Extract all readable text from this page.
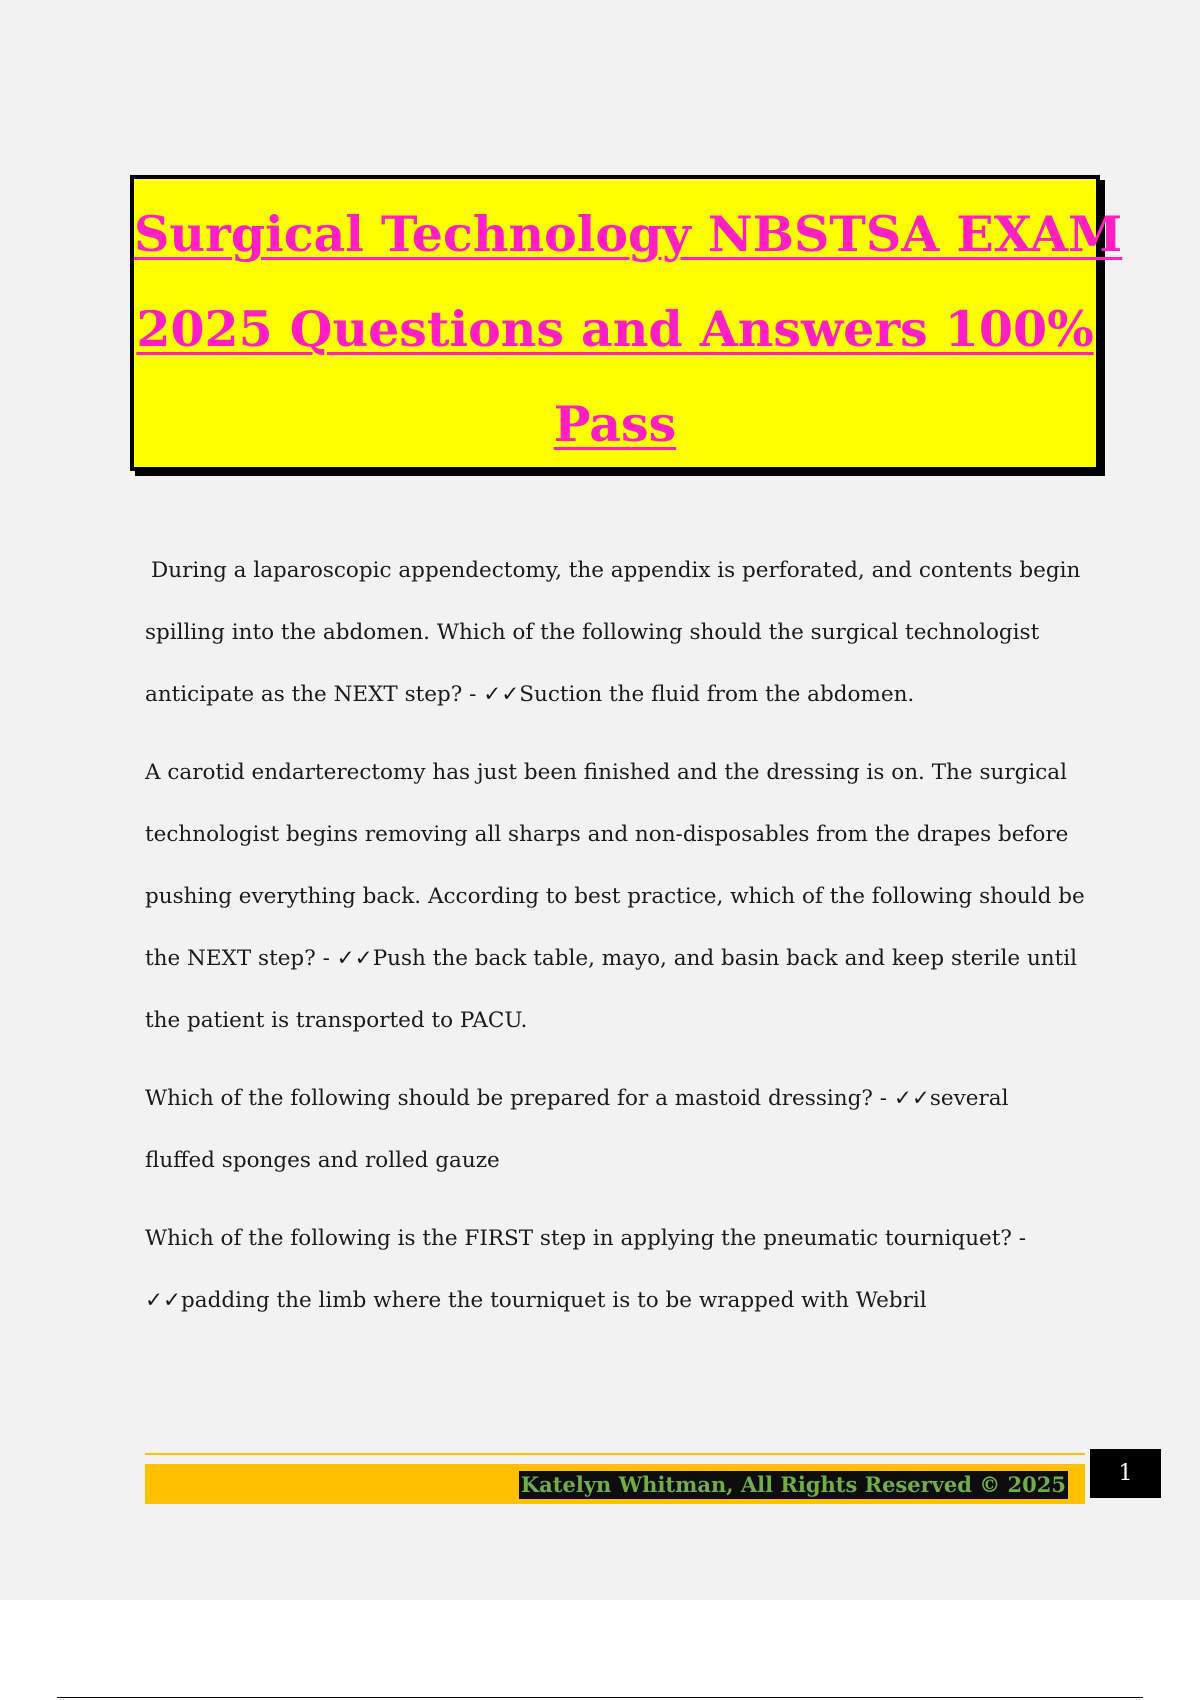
Surgical Technology NBSTSA EXAM
2025 Questions and Answers 100%
Pass

During a laparoscopic appendectomy, the appendix is perforated, and contents begin spilling into the abdomen. Which of the following should the surgical technologist anticipate as the NEXT step? - ✓✓Suction the fluid from the abdomen.

A carotid endarterectomy has just been finished and the dressing is on. The surgical technologist begins removing all sharps and non-disposables from the drapes before pushing everything back. According to best practice, which of the following should be the NEXT step? - ✓✓Push the back table, mayo, and basin back and keep sterile until the patient is transported to PACU.

Which of the following should be prepared for a mastoid dressing? - ✓✓several fluffed sponges and rolled gauze

Which of the following is the FIRST step in applying the pneumatic tourniquet? - ✓✓padding the limb where the tourniquet is to be wrapped with Webril

Katelyn Whitman, All Rights Reserved © 2025	1
